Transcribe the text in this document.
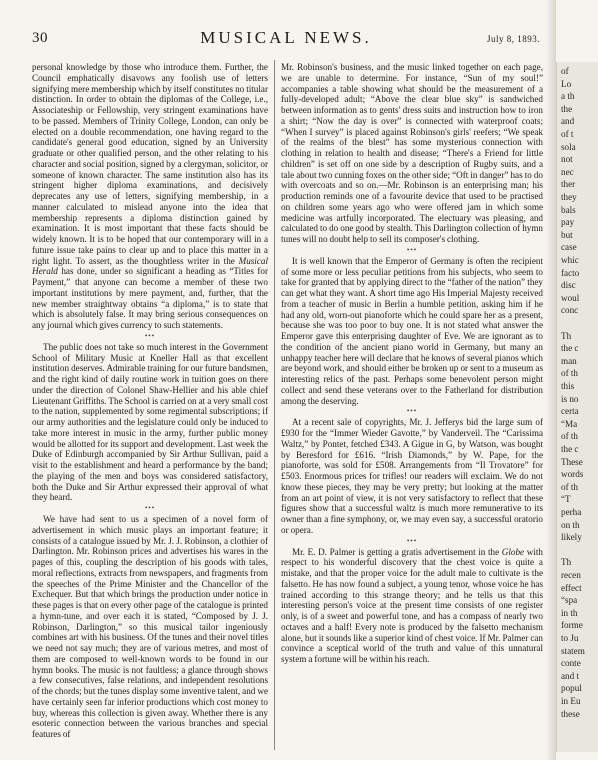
30	MUSICAL NEWS.	July 8, 1893.

personal knowledge by those who introduce them. Further, the Council emphatically disavows any foolish use of letters signifying mere membership which by itself constitutes no titular distinction. In order to obtain the diplomas of the College, i.e., Associateship or Fellowship, very stringent examinations have to be passed. Members of Trinity College, London, can only be elected on a double recommendation, one having regard to the candidate's general good education, signed by an University graduate or other qualified person, and the other relating to his character and social position, signed by a clergyman, solicitor, or someone of known character. The same institution also has its stringent higher diploma examinations, and decisively deprecates any use of letters, signifying membership, in a manner calculated to mislead anyone into the idea that membership represents a diploma distinction gained by examination. It is most important that these facts should be widely known. It is to be hoped that our contemporary will in a future issue take pains to clear up and to place this matter in a right light. To assert, as the thoughtless writer in the Musical Herald has done, under so significant a heading as “Titles for Payment,” that anyone can become a member of these two important institutions by mere payment, and, further, that the new member straightway obtains “a diploma,” is to state that which is absolutely false. It may bring serious consequences on any journal which gives currency to such statements.

•••

The public does not take so much interest in the Government School of Military Music at Kneller Hall as that excellent institution deserves. Admirable training for our future bandsmen, and the right kind of daily routine work in tuition goes on there under the direction of Colonel Shaw-Hellier and his able chief Lieutenant Griffiths. The School is carried on at a very small cost to the nation, supplemented by some regimental subscriptions; if our army authorities and the legislature could only be induced to take more interest in music in the army, further public money would be allotted for its support and development. Last week the Duke of Edinburgh accompanied by Sir Arthur Sullivan, paid a visit to the establishment and heard a performance by the band; the playing of the men and boys was considered satisfactory, both the Duke and Sir Arthur expressed their approval of what they heard.

•••

We have had sent to us a specimen of a novel form of advertisement in which music plays an important feature; it consists of a catalogue issued by Mr. J. J. Robinson, a clothier of Darlington. Mr. Robinson prices and advertises his wares in the pages of this, coupling the description of his goods with tales, moral reflections, extracts from newspapers, and fragments from the speeches of the Prime Minister and the Chancellor of the Exchequer. But that which brings the production under notice in these pages is that on every other page of the catalogue is printed a hymn-tune, and over each it is stated, “Composed by J. J. Robinson, Darlington,” so this musical tailor ingeniously combines art with his business. Of the tunes and their novel titles we need not say much; they are of various metres, and most of them are composed to well-known words to be found in our hymn books. The music is not faultless; a glance through shows a few consecutives, false relations, and independent resolutions of the chords; but the tunes display some inventive talent, and we have certainly seen far inferior productions which cost money to buy, whereas this collection is given away. Whether there is any esoteric connection between the various branches and special features of

Mr. Robinson's business, and the music linked together on each page, we are unable to determine. For instance, “Sun of my soul!” accompanies a table showing what should be the measurement of a fully-developed adult; “Above the clear blue sky” is sandwiched between information as to gents' dress suits and instruction how to iron a shirt; “Now the day is over” is connected with waterproof coats; “When I survey” is placed against Robinson's girls' reefers; “We speak of the realms of the blest” has some mysterious connection with clothing in relation to health and disease; “There's a Friend for little children” is set off on one side by a description of Rugby suits, and a tale about two cunning foxes on the other side; “Oft in danger” has to do with overcoats and so on.—Mr. Robinson is an enterprising man; his production reminds one of a favourite device that used to be practised on children some years ago who were offered jam in which some medicine was artfully incorporated. The electuary was pleasing, and calculated to do one good by stealth. This Darlington collection of hymn tunes will no doubt help to sell its composer's clothing.

•••

It is well known that the Emperor of Germany is often the recipient of some more or less peculiar petitions from his subjects, who seem to take for granted that by applying direct to the “father of the nation” they can get what they want. A short time ago His Imperial Majesty received from a teacher of music in Berlin a humble petition, asking him if he had any old, worn-out pianoforte which he could spare her as a present, because she was too poor to buy one. It is not stated what answer the Emperor gave this enterprising daughter of Eve. We are ignorant as to the condition of the ancient piano world in Germany, but many an unhappy teacher here will declare that he knows of several pianos which are beyond work, and should either be broken up or sent to a museum as interesting relics of the past. Perhaps some benevolent person might collect and send these veterans over to the Fatherland for distribution among the deserving.

•••

At a recent sale of copyrights, Mr. J. Jefferys bid the large sum of £930 for the “Immer Wieder Gavotte,” by Vanderveil. The “Carissima Waltz,” by Pontet, fetched £343. A Gigue in G, by Watson, was bought by Beresford for £616. “Irish Diamonds,” by W. Pape, for the pianoforte, was sold for £508. Arrangements from “Il Trovatore” for £503. Enormous prices for trifles! our readers will exclaim. We do not know these pieces, they may be very pretty; but looking at the matter from an art point of view, it is not very satisfactory to reflect that these figures show that a successful waltz is much more remunerative to its owner than a fine symphony, or, we may even say, a successful oratorio or opera.

•••

Mr. E. D. Palmer is getting a gratis advertisement in the Globe with respect to his wonderful discovery that the chest voice is quite a mistake, and that the proper voice for the adult male to cultivate is the falsetto. He has now found a subject, a young tenor, whose voice he has trained according to this strange theory; and he tells us that this interesting person's voice at the present time consists of one register only, is of a sweet and powerful tone, and has a compass of nearly two octaves and a half! Every note is produced by the falsetto mechanism alone, but it sounds like a superior kind of chest voice. If Mr. Palmer can convince a sceptical world of the truth and value of this unnatural system a fortune will be within his reach.

of
Lo
a th
the
and
of t
sola
not
nec
ther
they
bals
pay
but
case
whic
facto
disc
woul
conc
Th
the c
man
of th
this
is no
certa
“Ma
of th
the c
These
words
of th
“T
perha
on th
likely
Th
recen
effect
“spa
in th
forme
to Ju
statem
conte
and t
popul
in Eu
these
